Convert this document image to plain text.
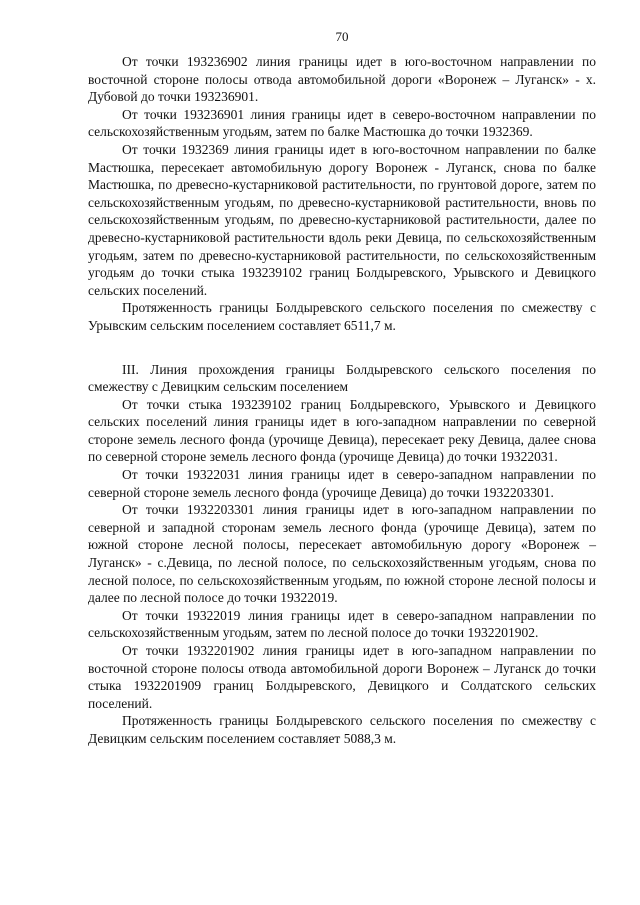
70

От точки 193236902 линия границы идет в юго-восточном направлении по восточной стороне полосы отвода автомобильной дороги «Воронеж – Луганск» - х. Дубовой до точки 193236901.

От точки 193236901 линия границы идет в северо-восточном направлении по сельскохозяйственным угодьям, затем по балке Мастюшка до точки 1932369.

От точки 1932369 линия границы идет в юго-восточном направлении по балке Мастюшка, пересекает автомобильную дорогу Воронеж - Луганск, снова по балке Мастюшка, по древесно-кустарниковой растительности, по грунтовой дороге, затем по сельскохозяйственным угодьям, по древесно-кустарниковой растительности, вновь по сельскохозяйственным угодьям, по древесно-кустарниковой растительности, далее по древесно-кустарниковой растительности вдоль реки Девица, по сельскохозяйственным угодьям, затем по древесно-кустарниковой растительности, по сельскохозяйственным угодьям до точки стыка 193239102 границ Болдыревского, Урывского и Девицкого сельских поселений.

Протяженность границы Болдыревского сельского поселения по смежеству с Урывским сельским поселением составляет 6511,7 м.

III. Линия прохождения границы Болдыревского сельского поселения по смежеству с Девицким сельским поселением

От точки стыка 193239102 границ Болдыревского, Урывского и Девицкого сельских поселений линия границы идет в юго-западном направлении по северной стороне земель лесного фонда (урочище Девица), пересекает реку Девица, далее снова по северной стороне земель лесного фонда (урочище Девица) до точки 19322031.

От точки 19322031 линия границы идет в северо-западном направлении по северной стороне земель лесного фонда (урочище Девица) до точки 1932203301.

От точки 1932203301 линия границы идет в юго-западном направлении по северной и западной сторонам земель лесного фонда (урочище Девица), затем по южной стороне лесной полосы, пересекает автомобильную дорогу «Воронеж – Луганск» - с.Девица, по лесной полосе, по сельскохозяйственным угодьям, снова по лесной полосе, по сельскохозяйственным угодьям, по южной стороне лесной полосы и далее по лесной полосе до точки 19322019.

От точки 19322019 линия границы идет в северо-западном направлении по сельскохозяйственным угодьям, затем по лесной полосе до точки 1932201902.

От точки 1932201902 линия границы идет в юго-западном направлении по восточной стороне полосы отвода автомобильной дороги Воронеж – Луганск до точки стыка 1932201909 границ Болдыревского, Девицкого и Солдатского сельских поселений.

Протяженность границы Болдыревского сельского поселения по смежеству с Девицким сельским поселением составляет 5088,3 м.
